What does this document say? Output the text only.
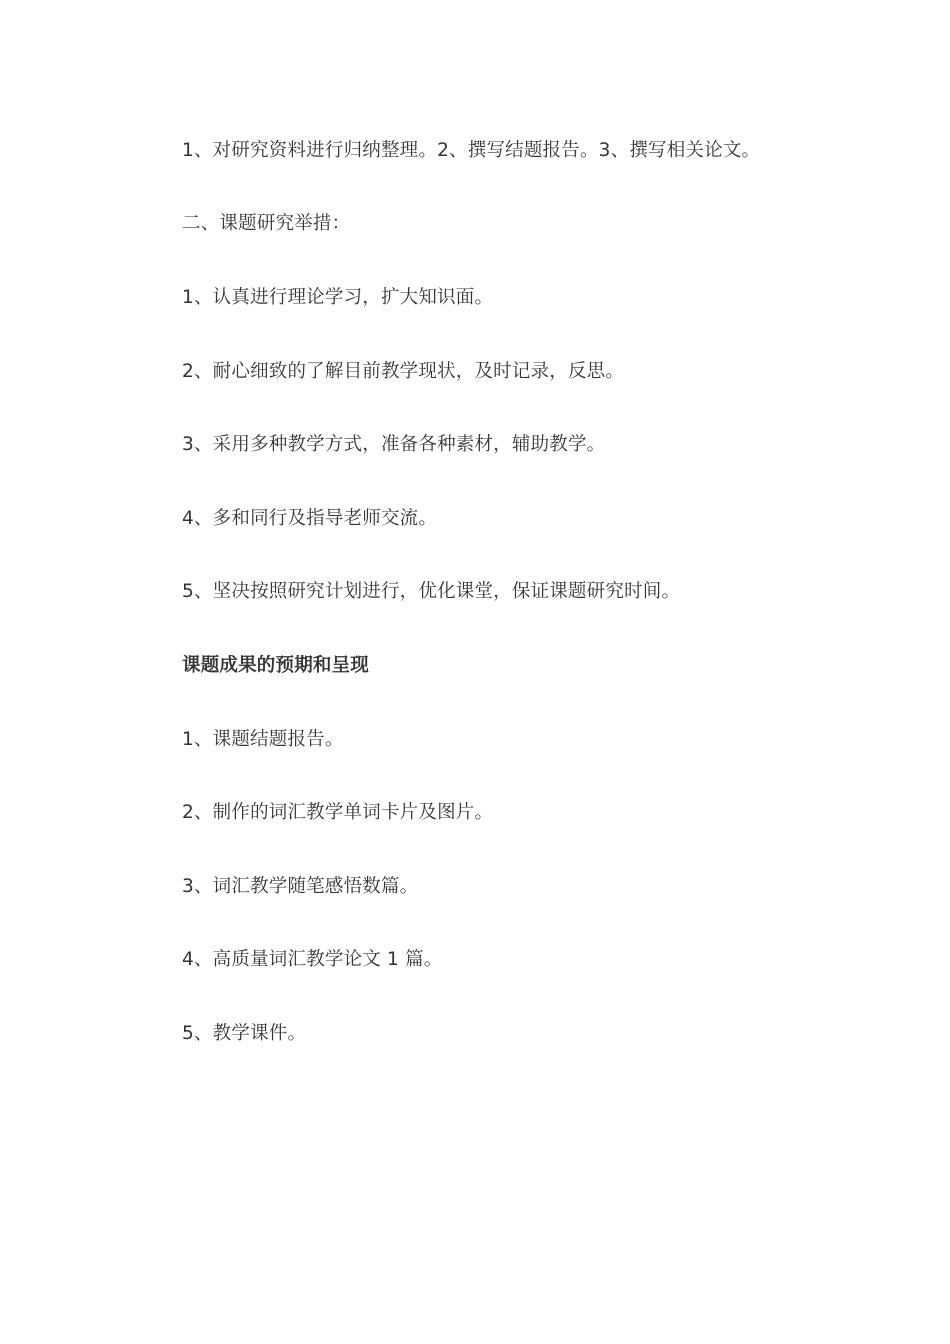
1、对研究资料进行归纳整理。2、撰写结题报告。3、撰写相关论文。
二、课题研究举措：
1、认真进行理论学习，扩大知识面。
2、耐心细致的了解目前教学现状，及时记录，反思。
3、采用多种教学方式，准备各种素材，辅助教学。
4、多和同行及指导老师交流。
5、坚决按照研究计划进行，优化课堂，保证课题研究时间。
课题成果的预期和呈现
1、课题结题报告。
2、制作的词汇教学单词卡片及图片。
3、词汇教学随笔感悟数篇。
4、高质量词汇教学论文 1 篇。
5、教学课件。
